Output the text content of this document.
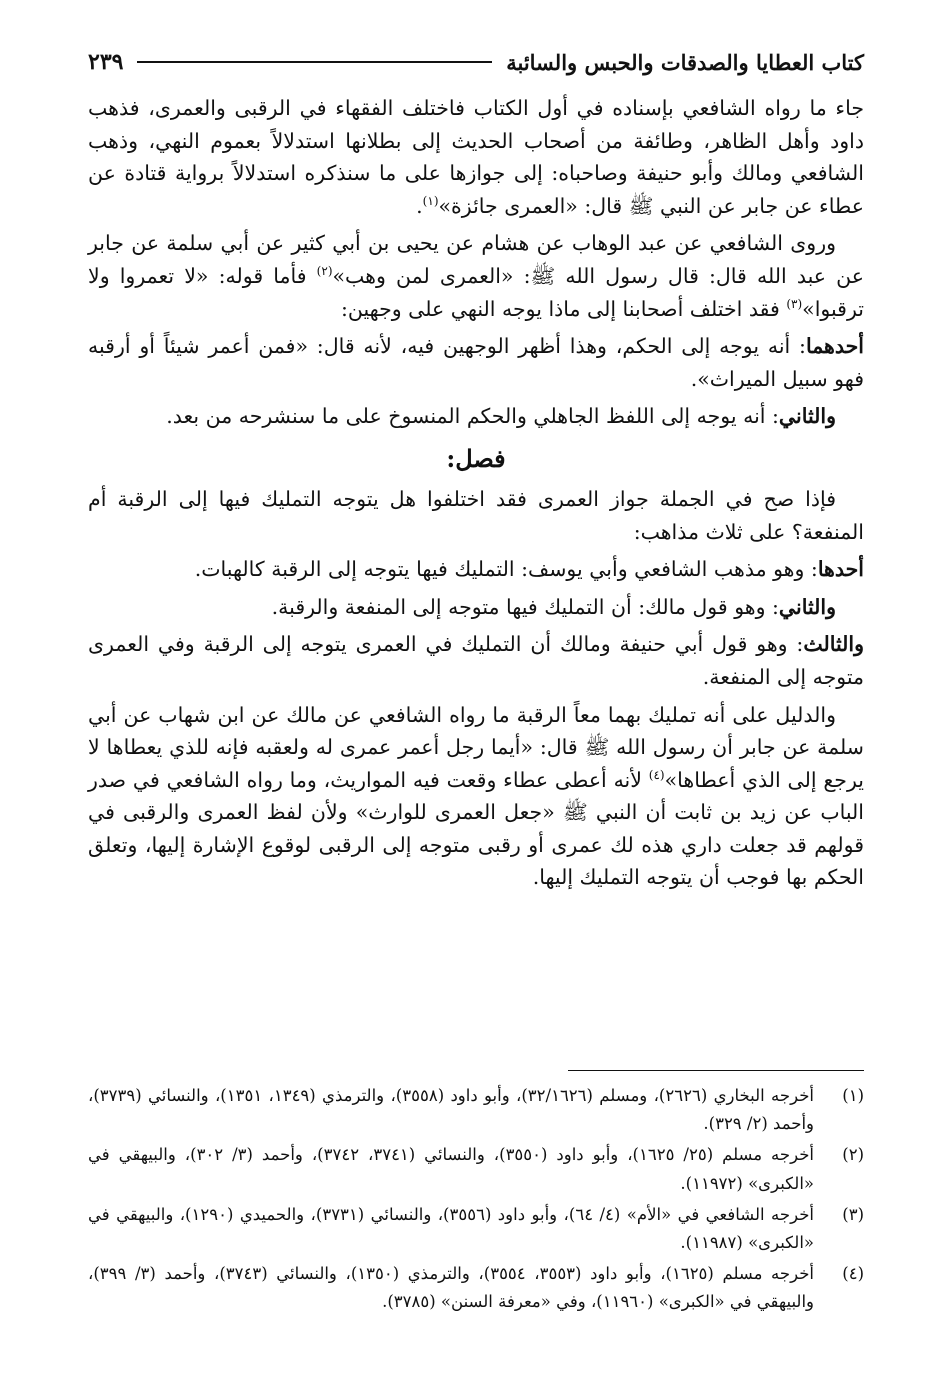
٢٣٩	كتاب العطايا والصدقات والحبس والسائبة

جاء ما رواه الشافعي بإسناده في أول الكتاب فاختلف الفقهاء في الرقبى والعمرى، فذهب داود وأهل الظاهر، وطائفة من أصحاب الحديث إلى بطلانها استدلالاً بعموم النهي، وذهب الشافعي ومالك وأبو حنيفة وصاحباه: إلى جوازها على ما سنذكره استدلالاً برواية قتادة عن عطاء عن جابر عن النبي ﷺ قال: «العمرى جائزة»$^{(١)}$.

وروى الشافعي عن عبد الوهاب عن هشام عن يحيى بن أبي كثير عن أبي سلمة عن جابر عن عبد الله قال: قال رسول الله ﷺ: «العمرى لمن وهب»$^{(٢)}$ فأما قوله: «لا تعمروا ولا ترقبوا»$^{(٣)}$ فقد اختلف أصحابنا إلى ماذا يوجه النهي على وجهين:

أحدهما: أنه يوجه إلى الحكم، وهذا أظهر الوجهين فيه، لأنه قال: «فمن أعمر شيئاً أو أرقبه فهو سبيل الميراث».

والثاني: أنه يوجه إلى اللفظ الجاهلي والحكم المنسوخ على ما سنشرحه من بعد.

فصل:

فإذا صح في الجملة جواز العمرى فقد اختلفوا هل يتوجه التمليك فيها إلى الرقبة أم المنفعة؟ على ثلاث مذاهب:

أحدها: وهو مذهب الشافعي وأبي يوسف: التمليك فيها يتوجه إلى الرقبة كالهبات.

والثاني: وهو قول مالك: أن التمليك فيها متوجه إلى المنفعة والرقبة.

والثالث: وهو قول أبي حنيفة ومالك أن التمليك في العمرى يتوجه إلى الرقبة وفي العمرى متوجه إلى المنفعة.

والدليل على أنه تمليك بهما معاً الرقبة ما رواه الشافعي عن مالك عن ابن شهاب عن أبي سلمة عن جابر أن رسول الله ﷺ قال: «أيما رجل أعمر عمرى له ولعقبه فإنه للذي يعطاها لا يرجع إلى الذي أعطاها»$^{(٤)}$ لأنه أعطى عطاء وقعت فيه المواريث، وما رواه الشافعي في صدر الباب عن زيد بن ثابت أن النبي ﷺ «جعل العمرى للوارث» ولأن لفظ العمرى والرقبى في قولهم قد جعلت داري هذه لك عمرى أو رقبى متوجه إلى الرقبى لوقوع الإشارة إليها، وتعلق الحكم بها فوجب أن يتوجه التمليك إليها.

(١)
أخرجه البخاري (٢٦٢٦)، ومسلم (٣٢/١٦٢٦)، وأبو داود (٣٥٥٨)، والترمذي (١٣٤٩، ١٣٥١)، والنسائي (٣٧٣٩)، وأحمد (٢/ ٣٢٩).
(٢)
أخرجه مسلم (٢٥/ ١٦٢٥)، وأبو داود (٣٥٥٠)، والنسائي (٣٧٤١، ٣٧٤٢)، وأحمد (٣/ ٣٠٢)، والبيهقي في «الكبرى» (١١٩٧٢).
(٣)
أخرجه الشافعي في «الأم» (٤/ ٦٤)، وأبو داود (٣٥٥٦)، والنسائي (٣٧٣١)، والحميدي (١٢٩٠)، والبيهقي في «الكبرى» (١١٩٨٧).
(٤)
أخرجه مسلم (١٦٢٥)، وأبو داود (٣٥٥٣، ٣٥٥٤)، والترمذي (١٣٥٠)، والنسائي (٣٧٤٣)، وأحمد (٣/ ٣٩٩)، والبيهقي في «الكبرى» (١١٩٦٠)، وفي «معرفة السنن» (٣٧٨٥).
